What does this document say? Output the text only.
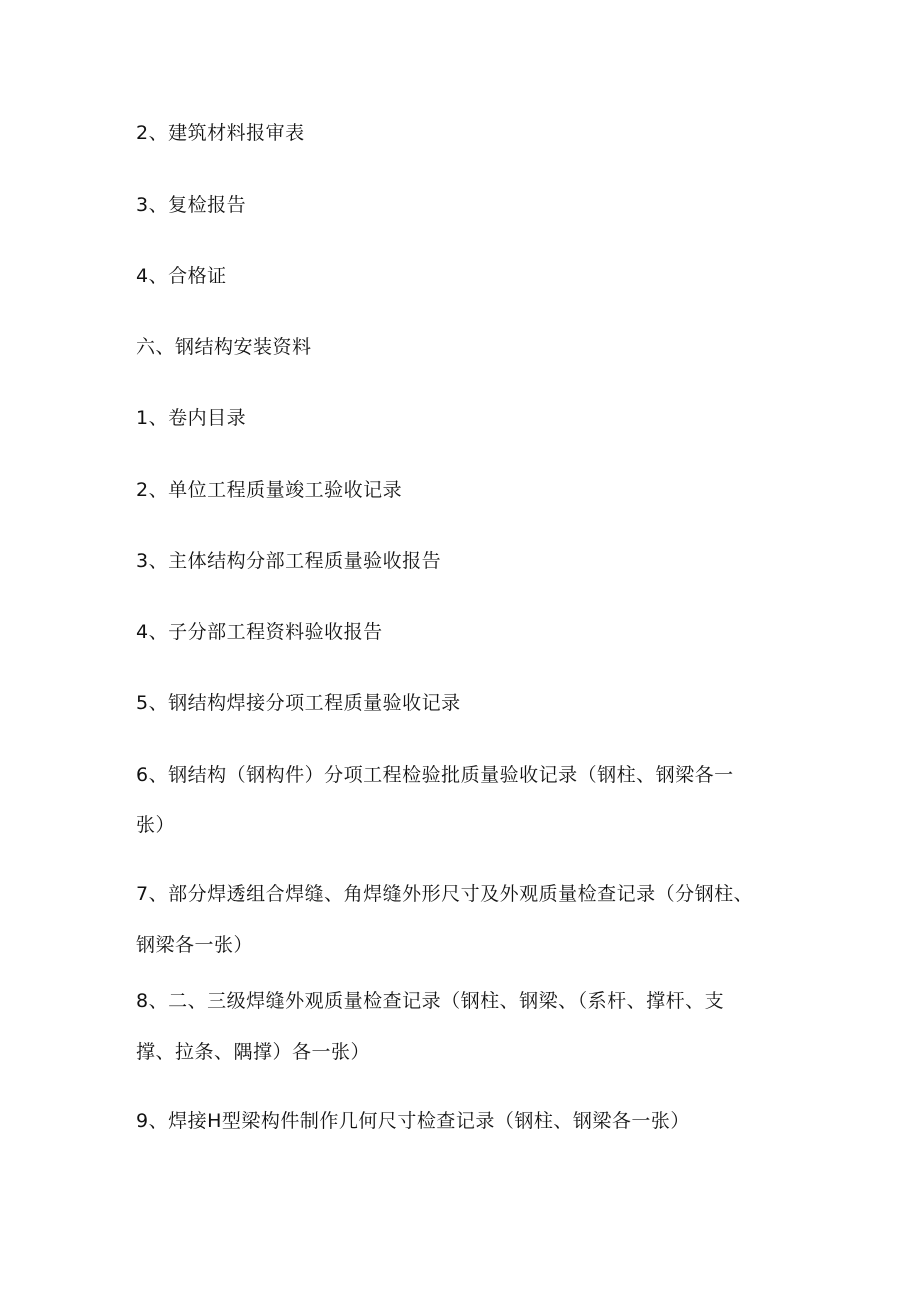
2、建筑材料报审表
3、复检报告
4、合格证
六、钢结构安装资料
1、卷内目录
2、单位工程质量竣工验收记录
3、主体结构分部工程质量验收报告
4、子分部工程资料验收报告
5、钢结构焊接分项工程质量验收记录
6、钢结构（钢构件）分项工程检验批质量验收记录（钢柱、钢梁各一
张）
7、部分焊透组合焊缝、角焊缝外形尺寸及外观质量检查记录（分钢柱、
钢梁各一张）
8、二、三级焊缝外观质量检查记录（钢柱、钢梁、（系杆、撑杆、支
撑、拉条、隅撑）各一张）
9、焊接H型梁构件制作几何尺寸检查记录（钢柱、钢梁各一张）
